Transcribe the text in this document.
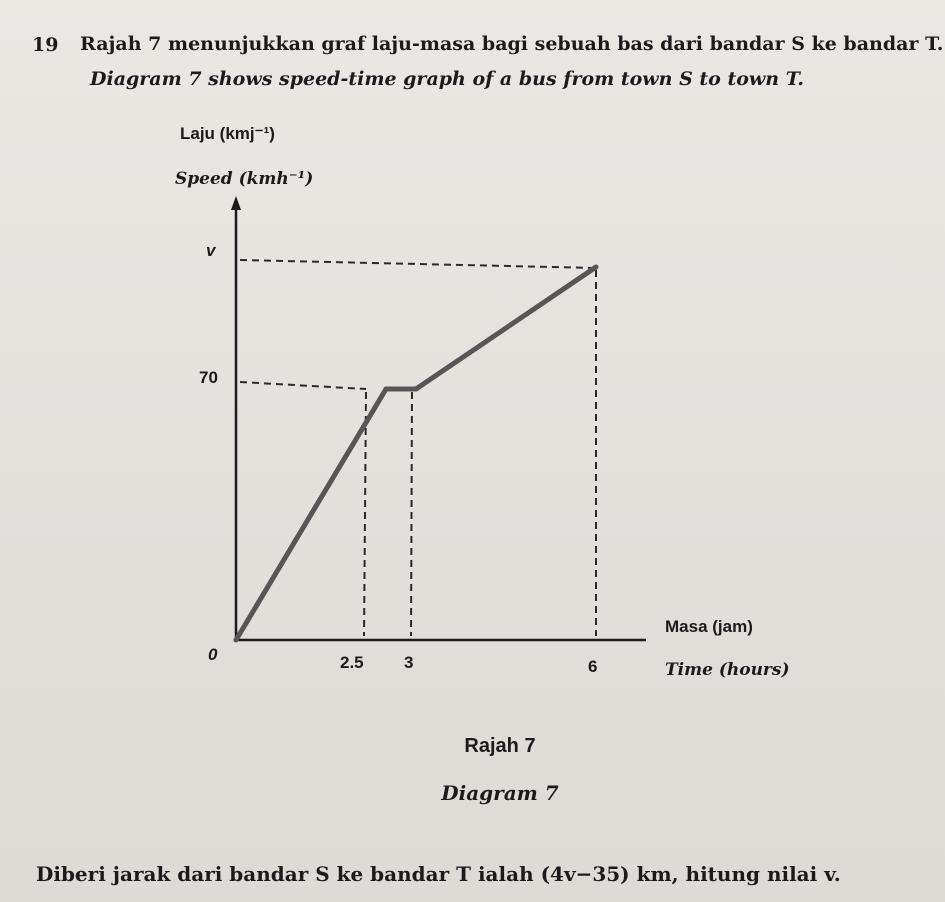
19 Rajah 7 menunjukkan graf laju-masa bagi sebuah bas dari bandar S ke bandar T.
Diagram 7 shows speed-time graph of a bus from town S to town T.
Laju (kmj⁻¹)
Speed (kmh⁻¹)
v
70
0	2.5 3	6
Masa (jam)
Time (hours)
Rajah 7
Diagram 7
Diberi jarak dari bandar S ke bandar T ialah (4v−35) km, hitung nilai v.
